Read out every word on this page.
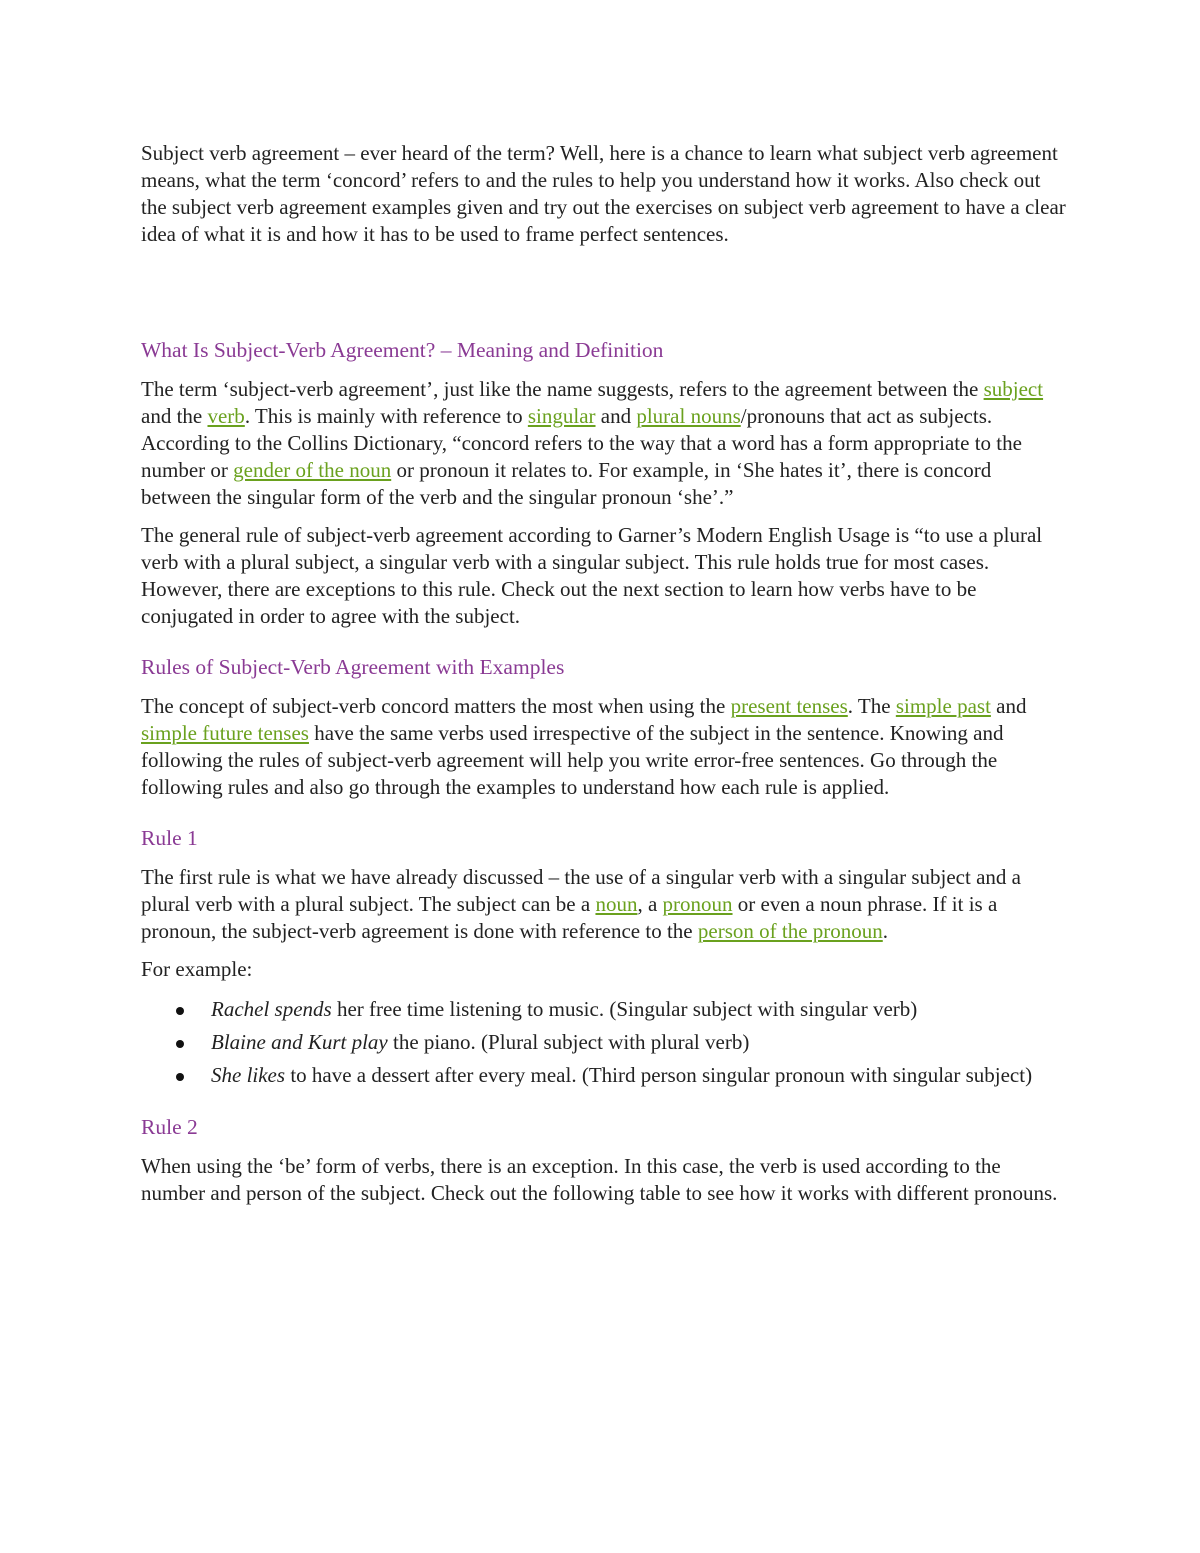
Subject verb agreement – ever heard of the term? Well, here is a chance to learn what subject verb agreement means, what the term ‘concord’ refers to and the rules to help you understand how it works. Also check out the subject verb agreement examples given and try out the exercises on subject verb agreement to have a clear idea of what it is and how it has to be used to frame perfect sentences.

What Is Subject-Verb Agreement? – Meaning and Definition

The term ‘subject-verb agreement’, just like the name suggests, refers to the agreement between the subject and the verb. This is mainly with reference to singular and plural nouns/pronouns that act as subjects. According to the Collins Dictionary, “concord refers to the way that a word has a form appropriate to the number or gender of the noun or pronoun it relates to. For example, in ‘She hates it’, there is concord between the singular form of the verb and the singular pronoun ‘she’.”

The general rule of subject-verb agreement according to Garner’s Modern English Usage is “to use a plural verb with a plural subject, a singular verb with a singular subject. This rule holds true for most cases. However, there are exceptions to this rule. Check out the next section to learn how verbs have to be conjugated in order to agree with the subject.

Rules of Subject-Verb Agreement with Examples

The concept of subject-verb concord matters the most when using the present tenses. The simple past and simple future tenses have the same verbs used irrespective of the subject in the sentence. Knowing and following the rules of subject-verb agreement will help you write error-free sentences. Go through the following rules and also go through the examples to understand how each rule is applied.

Rule 1

The first rule is what we have already discussed – the use of a singular verb with a singular subject and a plural verb with a plural subject. The subject can be a noun, a pronoun or even a noun phrase. If it is a pronoun, the subject-verb agreement is done with reference to the person of the pronoun.

For example:

Rachel spends her free time listening to music. (Singular subject with singular verb)
Blaine and Kurt play the piano. (Plural subject with plural verb)
She likes to have a dessert after every meal. (Third person singular pronoun with singular subject)
Rule 2

When using the ‘be’ form of verbs, there is an exception. In this case, the verb is used according to the number and person of the subject. Check out the following table to see how it works with different pronouns.
